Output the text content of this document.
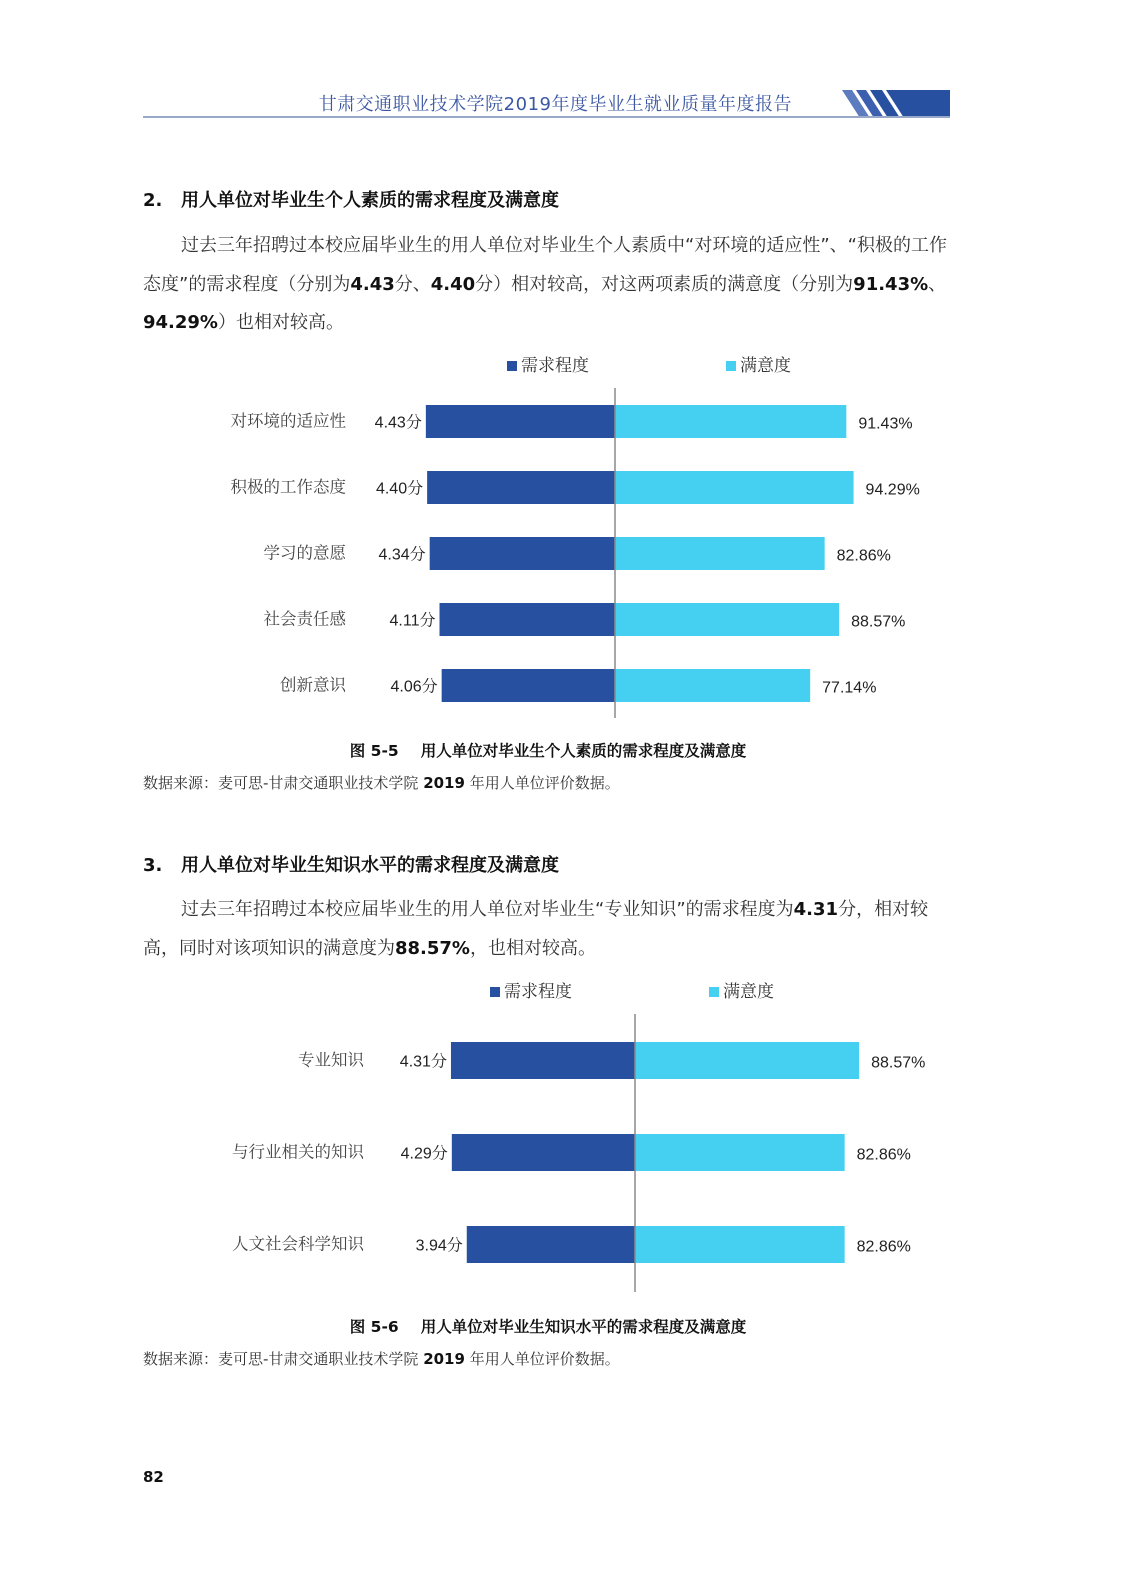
甘肃交通职业技术学院2019年度毕业生就业质量年度报告
2. 用人单位对毕业生个人素质的需求程度及满意度

过去三年招聘过本校应届毕业生的用人单位对毕业生个人素质中“对环境的适应性”、“积极的工作态度”的需求程度（分别为4.43分、4.40分）相对较高，对这两项素质的满意度（分别为91.43%、94.29%）也相对较高。

需求程度	满意度
4.43分	91.43%
对环境的适应性
4.40分	94.29%
积极的工作态度
4.34分	82.86%
学习的意愿
4.11分	88.57%
社会责任感
4.06分	77.14%
创新意识
图 5-5 用人单位对毕业生个人素质的需求程度及满意度
数据来源：麦可思-甘肃交通职业技术学院 2019 年用人单位评价数据。
3. 用人单位对毕业生知识水平的需求程度及满意度

过去三年招聘过本校应届毕业生的用人单位对毕业生“专业知识”的需求程度为4.31分，相对较高，同时对该项知识的满意度为88.57%，也相对较高。

需求程度	满意度
4.31分	88.57%
专业知识
4.29分	82.86%
与行业相关的知识
3.94分	82.86%
人文社会科学知识
图 5-6 用人单位对毕业生知识水平的需求程度及满意度
数据来源：麦可思-甘肃交通职业技术学院 2019 年用人单位评价数据。
82
